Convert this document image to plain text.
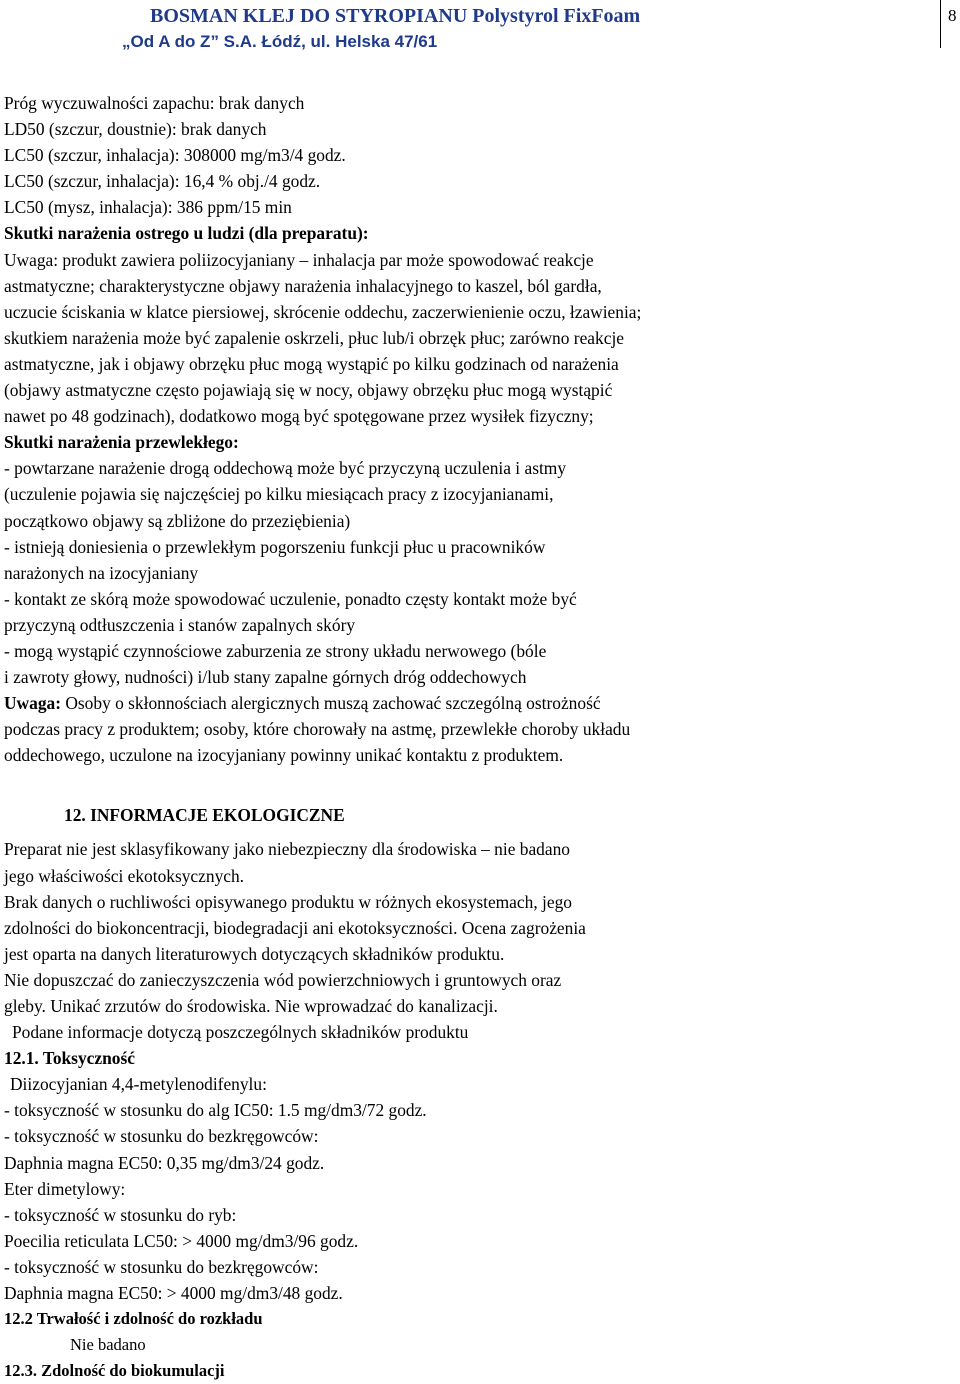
BOSMAN KLEJ DO STYROPIANU Polystyrol FixFoam
„Od A do Z” S.A. Łódź, ul. Helska 47/61
8
Próg wyczuwalności zapachu: brak danych
LD50 (szczur, doustnie): brak danych
LC50 (szczur, inhalacja): 308000 mg/m3/4 godz.
LC50 (szczur, inhalacja): 16,4 % obj./4 godz.
LC50 (mysz, inhalacja): 386 ppm/15 min
Skutki narażenia ostrego u ludzi (dla preparatu):
Uwaga: produkt zawiera poliizocyjaniany – inhalacja par może spowodować reakcje
astmatyczne; charakterystyczne objawy narażenia inhalacyjnego to kaszel, ból gardła,
uczucie ściskania w klatce piersiowej, skrócenie oddechu, zaczerwienienie oczu, łzawienia;
skutkiem narażenia może być zapalenie oskrzeli, płuc lub/i obrzęk płuc; zarówno reakcje
astmatyczne, jak i objawy obrzęku płuc mogą wystąpić po kilku godzinach od narażenia
(objawy astmatyczne często pojawiają się w nocy, objawy obrzęku płuc mogą wystąpić
nawet po 48 godzinach), dodatkowo mogą być spotęgowane przez wysiłek fizyczny;
Skutki narażenia przewlekłego:
- powtarzane narażenie drogą oddechową może być przyczyną uczulenia i astmy
(uczulenie pojawia się najczęściej po kilku miesiącach pracy z izocyjanianami,
początkowo objawy są zbliżone do przeziębienia)
- istnieją doniesienia o przewlekłym pogorszeniu funkcji płuc u pracowników
narażonych na izocyjaniany
- kontakt ze skórą może spowodować uczulenie, ponadto częsty kontakt może być
przyczyną odtłuszczenia i stanów zapalnych skóry
- mogą wystąpić czynnościowe zaburzenia ze strony układu nerwowego (bóle
i zawroty głowy, nudności) i/lub stany zapalne górnych dróg oddechowych
Uwaga: Osoby o skłonnościach alergicznych muszą zachować szczególną ostrożność
podczas pracy z produktem; osoby, które chorowały na astmę, przewlekłe choroby układu
oddechowego, uczulone na izocyjaniany powinny unikać kontaktu z produktem.
12. INFORMACJE EKOLOGICZNE
Preparat nie jest sklasyfikowany jako niebezpieczny dla środowiska – nie badano
jego właściwości ekotoksycznych.
Brak danych o ruchliwości opisywanego produktu w różnych ekosystemach, jego
zdolności do biokoncentracji, biodegradacji ani ekotoksyczności. Ocena zagrożenia
jest oparta na danych literaturowych dotyczących składników produktu.
Nie dopuszczać do zanieczyszczenia wód powierzchniowych i gruntowych oraz
gleby. Unikać zrzutów do środowiska. Nie wprowadzać do kanalizacji.
Podane informacje dotyczą poszczególnych składników produktu
12.1. Toksyczność
Diizocyjanian 4,4-metylenodifenylu:
- toksyczność w stosunku do alg IC50: 1.5 mg/dm3/72 godz.
- toksyczność w stosunku do bezkręgowców:
Daphnia magna EC50: 0,35 mg/dm3/24 godz.
Eter dimetylowy:
- toksyczność w stosunku do ryb:
Poecilia reticulata LC50: > 4000 mg/dm3/96 godz.
- toksyczność w stosunku do bezkręgowców:
Daphnia magna EC50: > 4000 mg/dm3/48 godz.
12.2 Trwałość i zdolność do rozkładu
Nie badano
12.3. Zdolność do biokumulacji
